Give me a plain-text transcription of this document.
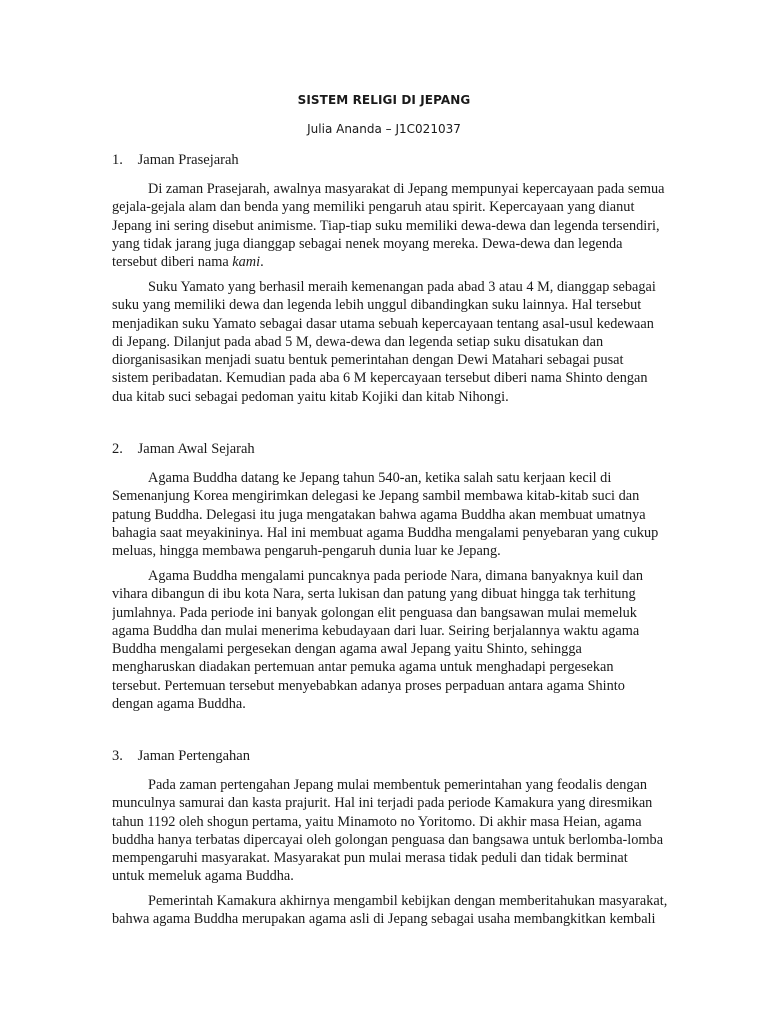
SISTEM RELIGI DI JEPANG
Julia Ananda – J1C021037
1. Jaman Prasejarah
Di zaman Prasejarah, awalnya masyarakat di Jepang mempunyai kepercayaan pada semua
gejala-gejala alam dan benda yang memiliki pengaruh atau spirit. Kepercayaan yang dianut
Jepang ini sering disebut animisme. Tiap-tiap suku memiliki dewa-dewa dan legenda tersendiri,
yang tidak jarang juga dianggap sebagai nenek moyang mereka. Dewa-dewa dan legenda
tersebut diberi nama kami.
Suku Yamato yang berhasil meraih kemenangan pada abad 3 atau 4 M, dianggap sebagai
suku yang memiliki dewa dan legenda lebih unggul dibandingkan suku lainnya. Hal tersebut
menjadikan suku Yamato sebagai dasar utama sebuah kepercayaan tentang asal-usul kedewaan
di Jepang. Dilanjut pada abad 5 M, dewa-dewa dan legenda setiap suku disatukan dan
diorganisasikan menjadi suatu bentuk pemerintahan dengan Dewi Matahari sebagai pusat
sistem peribadatan. Kemudian pada aba 6 M kepercayaan tersebut diberi nama Shinto dengan
dua kitab suci sebagai pedoman yaitu kitab Kojiki dan kitab Nihongi.
2. Jaman Awal Sejarah
Agama Buddha datang ke Jepang tahun 540-an, ketika salah satu kerjaan kecil di
Semenanjung Korea mengirimkan delegasi ke Jepang sambil membawa kitab-kitab suci dan
patung Buddha. Delegasi itu juga mengatakan bahwa agama Buddha akan membuat umatnya
bahagia saat meyakininya. Hal ini membuat agama Buddha mengalami penyebaran yang cukup
meluas, hingga membawa pengaruh-pengaruh dunia luar ke Jepang.
Agama Buddha mengalami puncaknya pada periode Nara, dimana banyaknya kuil dan
vihara dibangun di ibu kota Nara, serta lukisan dan patung yang dibuat hingga tak terhitung
jumlahnya. Pada periode ini banyak golongan elit penguasa dan bangsawan mulai memeluk
agama Buddha dan mulai menerima kebudayaan dari luar. Seiring berjalannya waktu agama
Buddha mengalami pergesekan dengan agama awal Jepang yaitu Shinto, sehingga
mengharuskan diadakan pertemuan antar pemuka agama untuk menghadapi pergesekan
tersebut. Pertemuan tersebut menyebabkan adanya proses perpaduan antara agama Shinto
dengan agama Buddha.
3. Jaman Pertengahan
Pada zaman pertengahan Jepang mulai membentuk pemerintahan yang feodalis dengan
munculnya samurai dan kasta prajurit. Hal ini terjadi pada periode Kamakura yang diresmikan
tahun 1192 oleh shogun pertama, yaitu Minamoto no Yoritomo. Di akhir masa Heian, agama
buddha hanya terbatas dipercayai oleh golongan penguasa dan bangsawa untuk berlomba-lomba
mempengaruhi masyarakat. Masyarakat pun mulai merasa tidak peduli dan tidak berminat
untuk memeluk agama Buddha.
Pemerintah Kamakura akhirnya mengambil kebijkan dengan memberitahukan masyarakat,
bahwa agama Buddha merupakan agama asli di Jepang sebagai usaha membangkitkan kembali
